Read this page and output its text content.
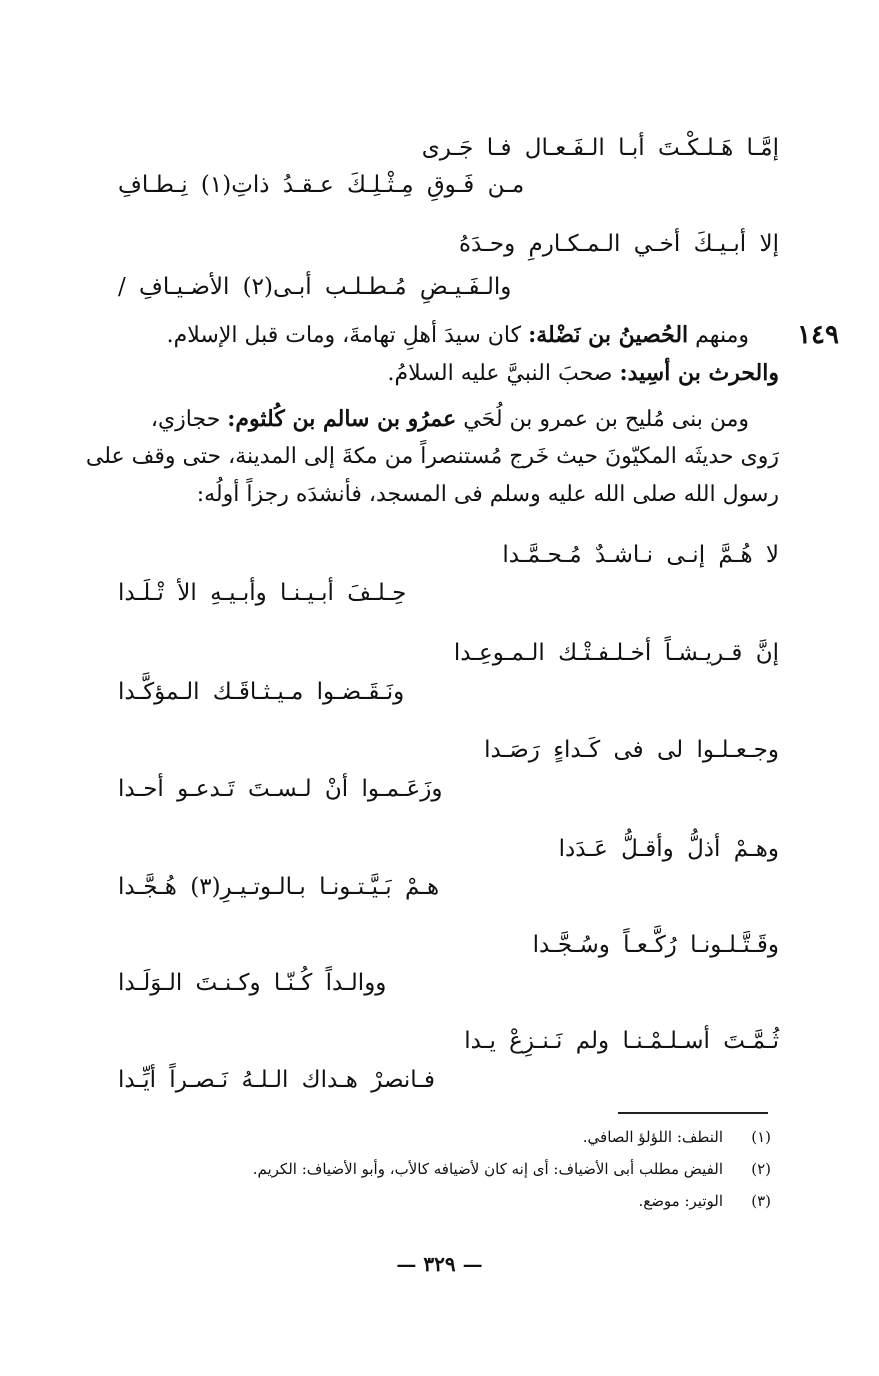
إمَّـا هَـلـكْـتَ أبـا الـفَـعـال فـا جَـرى
مـن فَـوقِ مِـثْـلِـكَ عـقـدُ ذاتِ(١) نِـطـافِ
إلا أبـيـكَ أخـي الـمـكـارمِ وحـدَهُ
والـفَـيـضِ مُـطـلـب أبـى(٢) الأضـيـافِ /
١٤٩
ومنهم الحُصينُ بن نَضْلة: كان سيدَ أهلِ تهامةَ، ومات قبل الإسلام.
والحرث بن أسِيد: صحبَ النبيَّ عليه السلامُ.
ومن بنى مُليح بن عمرو بن لُحَي عمرُو بن سالم بن كُلثوم: حجازي،
رَوى حديثَه المكيّونَ حيث خَرج مُستنصراً من مكةَ إلى المدينة، حتى وقف على
رسول الله صلى الله عليه وسلم فى المسجد، فأنشدَه رجزاً أولُه:
لا هُـمَّ إنـى نـاشـدٌ مُـحـمَّـدا
حِـلـفَ أبـيـنـا وأبـيـهِ الأ تْـلَـدا
إنَّ قـريـشـاً أخـلـفـتْـك الـمـوعِـدا
ونَـقَـضـوا مـيـثـاقَـك الـمؤكَّـدا
وجـعـلـوا لى فى كَـداءٍ رَصَـدا
وزَعَـمـوا أنْ لـسـتَ تَـدعـو أحـدا
وهـمْ أذلُّ وأقـلُّ عَـدَدا
هـمْ بَـيَّـتـونـا بـالـوتـيـرِ(٣) هُـجَّـدا
وقَـتَّـلـونـا رُكَّـعـاً وسُـجَّـدا
ووالـداً كُـنّـا وكـنـتَ الـوَلَـدا
ثُـمَّـتَ أسـلـمْـنـا ولم نَـنـزِعْ يـدا
فـانصرْ هـداك الـلـهُ نَـصـراً أيِّـدا
(١)النطف: اللؤلؤ الصافي.
(٢)الفيض مطلب أبى الأضياف: أى إنه كان لأضيافه كالأب، وأبو الأضياف: الكريم.
(٣)الوتير: موضع.
— ٣٢٩ —
